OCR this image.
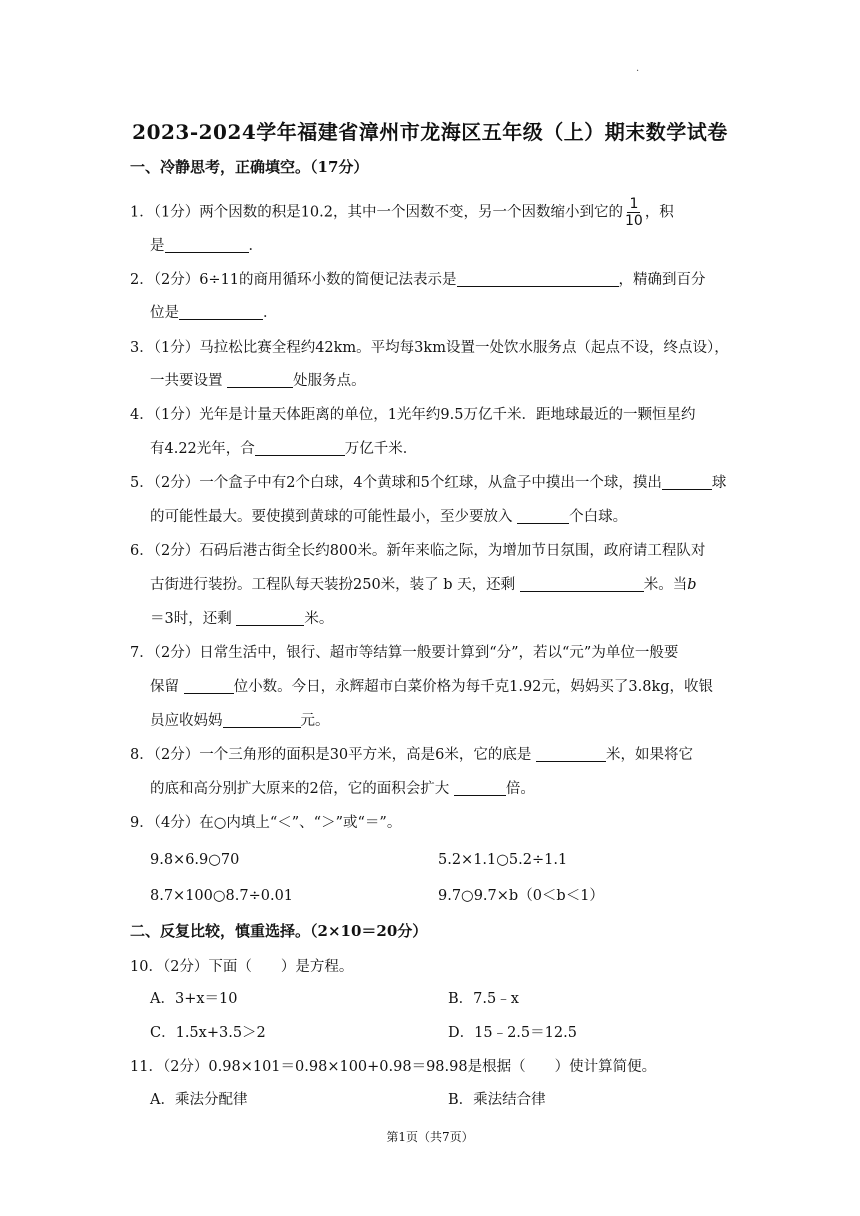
·
2023-2024学年福建省漳州市龙海区五年级（上）期末数学试卷
一、冷静思考，正确填空。（17分）
1．（1分）两个因数的积是10.2，其中一个因数不变，另一个因数缩小到它的 $\frac{1}{10}$ ，积
是	．
2．（2分）6÷11的商用循环小数的简便记法表示是	，精确到百分
位是	．
3．（1分）马拉松比赛全程约42km。平均每3km设置一处饮水服务点（起点不设，终点设），
一共要设置	处服务点。
4．（1分）光年是计量天体距离的单位，1光年约9.5万亿千米．距地球最近的一颗恒星约
有4.22光年，合	万亿千米．
5．（2分）一个盒子中有2个白球，4个黄球和5个红球，从盒子中摸出一个球，摸出	球
的可能性最大。要使摸到黄球的可能性最小，至少要放入	个白球。
6．（2分）石码后港古街全长约800米。新年来临之际，为增加节日氛围，政府请工程队对
古街进行装扮。工程队每天装扮250米，装了 b 天，还剩	米。当b
＝3时，还剩	米。
7．（2分）日常生活中，银行、超市等结算一般要计算到“分”，若以“元”为单位一般要
保留	位小数。今日，永辉超市白菜价格为每千克1.92元，妈妈买了3.8kg，收银
员应收妈妈	元。
8．（2分）一个三角形的面积是30平方米，高是6米，它的底是	米，如果将它
的底和高分别扩大原来的2倍，它的面积会扩大	倍。
9．（4分）在○内填上“＜”、“＞”或“＝”。
9.8×6.9○70	5.2×1.1○5.2÷1.1
8.7×100○8.7÷0.01	9.7○9.7×b（0＜b＜1）
二、反复比较，慎重选择。（2×10＝20分）
10．（2分）下面（　　）是方程。
A．3+x＝10	B．7.5﹣x
C．1.5x+3.5＞2	D．15﹣2.5＝12.5
11．（2分）0.98×101＝0.98×100+0.98＝98.98是根据（　　）使计算简便。
A．乘法分配律	B．乘法结合律
第1页（共7页）
